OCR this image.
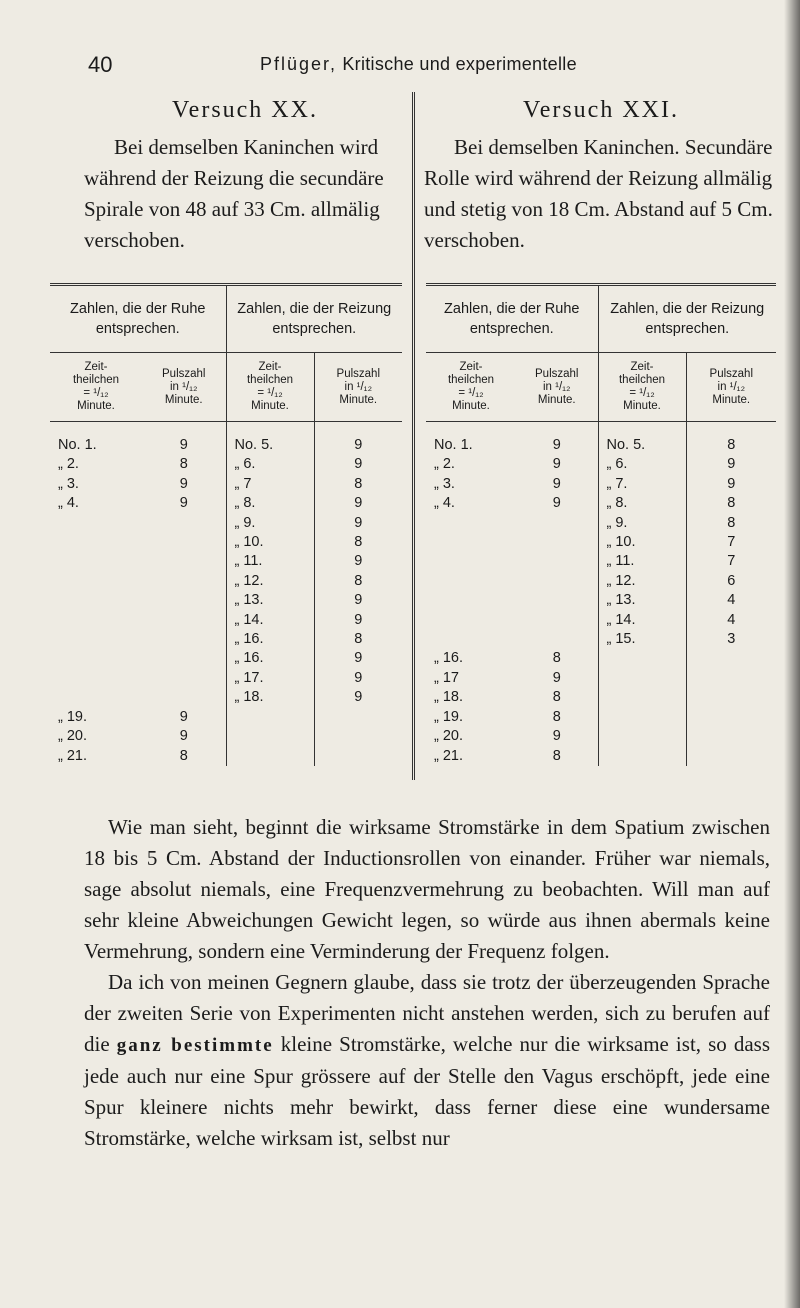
40	Pflüger, Kritische und experimentelle
Versuch XX.

Bei demselben Kaninchen wird während der Reizung die secundäre Spirale von 48 auf 33 Cm. allmälig verschoben.

Versuch XXI.

Bei demselben Kaninchen. Secundäre Rolle wird während der Reizung allmälig und stetig von 18 Cm. Abstand auf 5 Cm. verschoben.

Zahlen, die der Ruhe entsprechen.		Zahlen, die der Reizung entsprechen.	
Zeit-
theilchen
= ¹/₁₂
Minute.	Pulszahl
in ¹/₁₂
Minute.	Zeit-
theilchen
= ¹/₁₂
Minute.	Pulszahl
in ¹/₁₂
Minute.
No. 1.	9	No. 5.	9
„ 2.	8	„ 6.	9
„ 3.	9	„ 7	8
„ 4.	9	„ 8.	9
		„ 9.	9
		„ 10.	8
		„ 11.	9
		„ 12.	8
		„ 13.	9
		„ 14.	9
		„ 16.	8
		„ 16.	9
		„ 17.	9
		„ 18.	9
„ 19.	9		
„ 20.	9		
„ 21.	8		
Zahlen, die der Ruhe entsprechen.		Zahlen, die der Reizung entsprechen.	
Zeit-
theilchen
= ¹/₁₂
Minute.	Pulszahl
in ¹/₁₂
Minute.	Zeit-
theilchen
= ¹/₁₂
Minute.	Pulszahl
in ¹/₁₂
Minute.
No. 1.	9	No. 5.	8
„ 2.	9	„ 6.	9
„ 3.	9	„ 7.	9
„ 4.	9	„ 8.	8
		„ 9.	8
		„ 10.	7
		„ 11.	7
		„ 12.	6
		„ 13.	4
		„ 14.	4
		„ 15.	3
„ 16.	8		
„ 17	9		
„ 18.	8		
„ 19.	8		
„ 20.	9		
„ 21.	8		

Wie man sieht, beginnt die wirksame Stromstärke in dem Spatium zwischen 18 bis 5 Cm. Abstand der Inductionsrollen von einander. Früher war niemals, sage absolut niemals, eine Frequenzvermehrung zu beobachten. Will man auf sehr kleine Abweichungen Gewicht legen, so würde aus ihnen abermals keine Vermehrung, sondern eine Verminderung der Frequenz folgen.

Da ich von meinen Gegnern glaube, dass sie trotz der überzeugenden Sprache der zweiten Serie von Experimenten nicht anstehen werden, sich zu berufen auf die ganz bestimmte kleine Stromstärke, welche nur die wirksame ist, so dass jede auch nur eine Spur grössere auf der Stelle den Vagus erschöpft, jede eine Spur kleinere nichts mehr bewirkt, dass ferner diese eine wundersame Stromstärke, welche wirksam ist, selbst nur
